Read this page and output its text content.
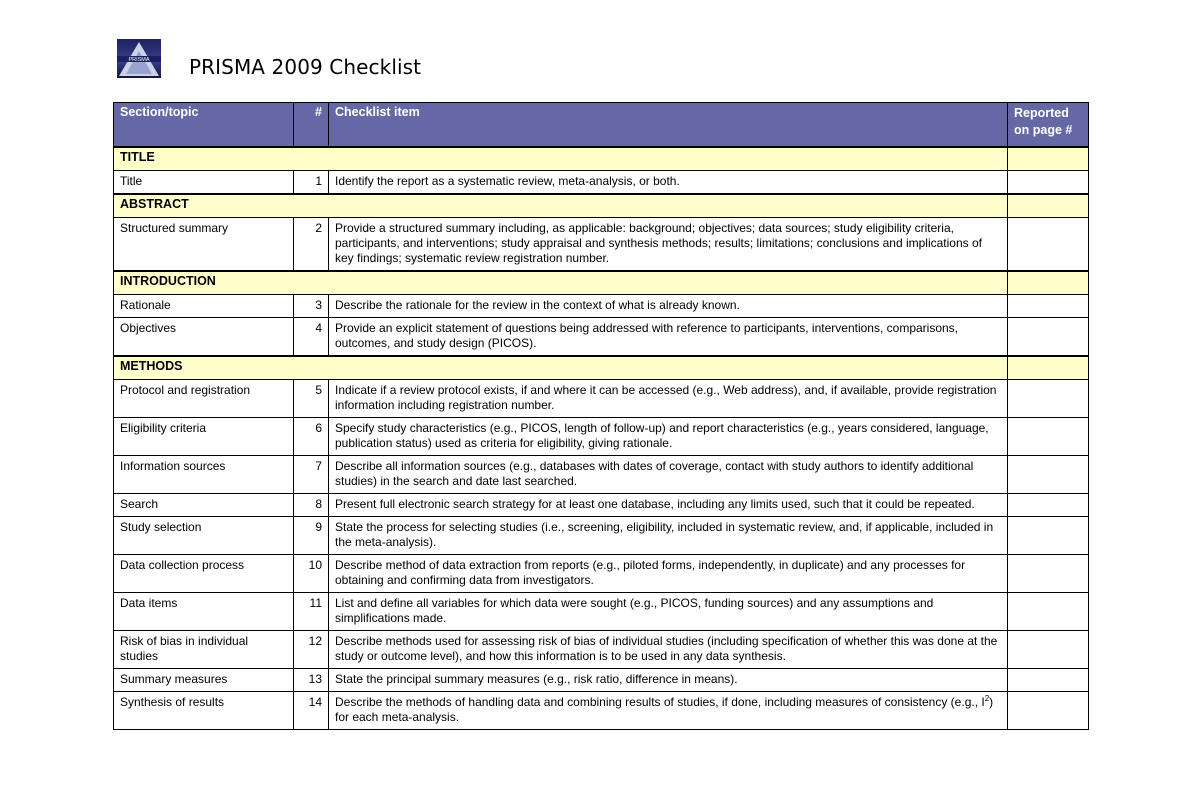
PRISMA PRISMA 2009 Checklist
Section/topic	#	Checklist item	Reported on page #
TITLE			
Title	1	Identify the report as a systematic review, meta-analysis, or both.	
ABSTRACT			
Structured summary	2	Provide a structured summary including, as applicable: background; objectives; data sources; study eligibility criteria, participants, and interventions; study appraisal and synthesis methods; results; limitations; conclusions and implications of key findings; systematic review registration number.	
INTRODUCTION			
Rationale	3	Describe the rationale for the review in the context of what is already known.	
Objectives	4	Provide an explicit statement of questions being addressed with reference to participants, interventions, comparisons, outcomes, and study design (PICOS).	
METHODS			
Protocol and registration	5	Indicate if a review protocol exists, if and where it can be accessed (e.g., Web address), and, if available, provide registration information including registration number.	
Eligibility criteria	6	Specify study characteristics (e.g., PICOS, length of follow-up) and report characteristics (e.g., years considered, language, publication status) used as criteria for eligibility, giving rationale.	
Information sources	7	Describe all information sources (e.g., databases with dates of coverage, contact with study authors to identify additional studies) in the search and date last searched.	
Search	8	Present full electronic search strategy for at least one database, including any limits used, such that it could be repeated.	
Study selection	9	State the process for selecting studies (i.e., screening, eligibility, included in systematic review, and, if applicable, included in the meta-analysis).	
Data collection process	10	Describe method of data extraction from reports (e.g., piloted forms, independently, in duplicate) and any processes for obtaining and confirming data from investigators.	
Data items	11	List and define all variables for which data were sought (e.g., PICOS, funding sources) and any assumptions and simplifications made.	
Risk of bias in individual studies	12	Describe methods used for assessing risk of bias of individual studies (including specification of whether this was done at the study or outcome level), and how this information is to be used in any data synthesis.	
Summary measures	13	State the principal summary measures (e.g., risk ratio, difference in means).	
Synthesis of results	14	Describe the methods of handling data and combining results of studies, if done, including measures of consistency (e.g., $I^2$) for each meta-analysis.	
